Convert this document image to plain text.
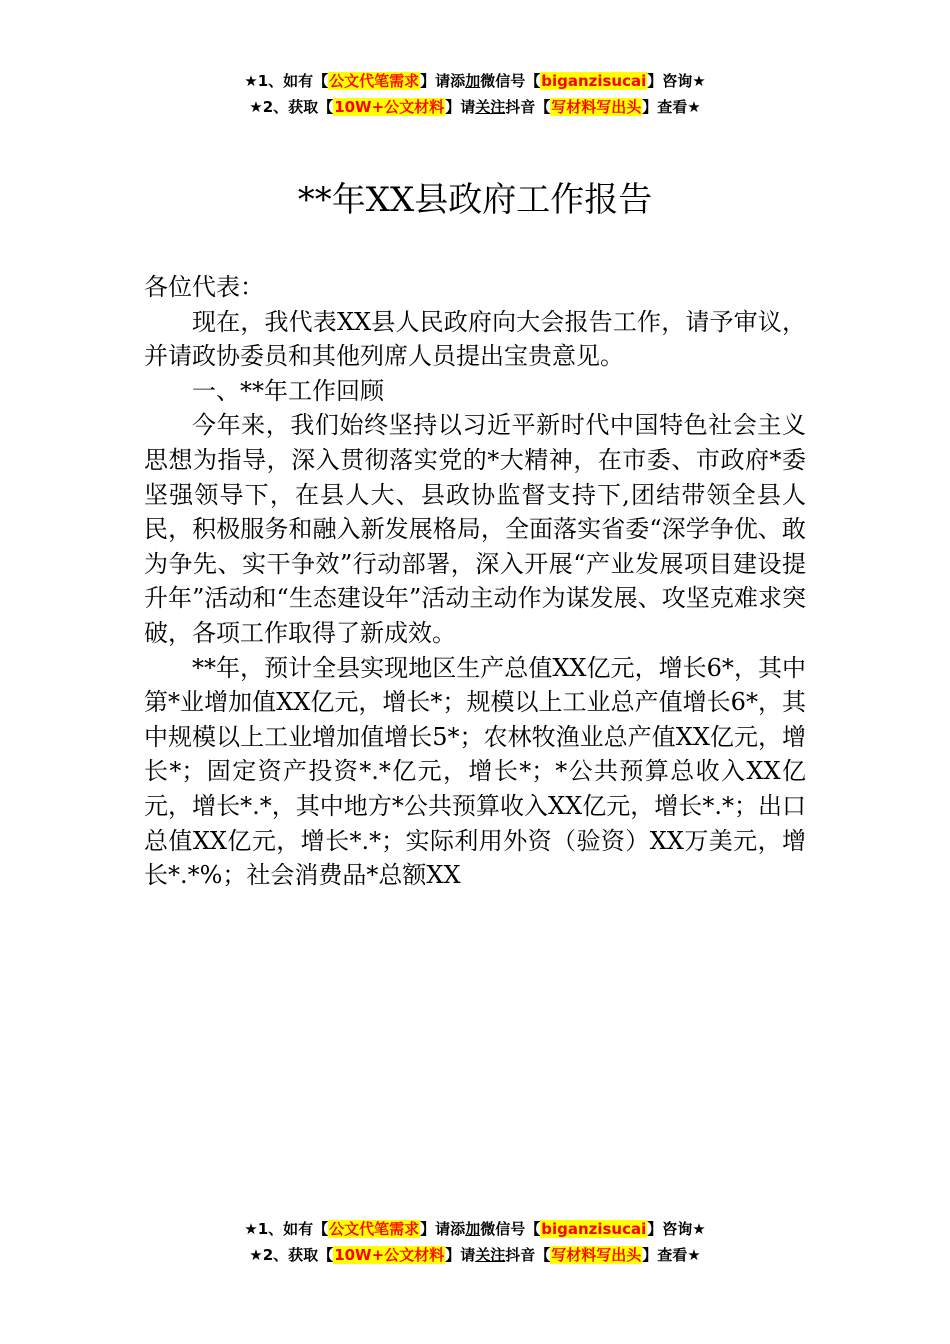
★1、如有【公文代笔需求】请添加微信号【biganzisucai】咨询★
★2、获取【10W+公文材料】请关注抖音【写材料写出头】查看★
**年XX县政府工作报告

各位代表：

现在，我代表XX县人民政府向大会报告工作，请予审议，并请政协委员和其他列席人员提出宝贵意见。

一、**年工作回顾

今年来，我们始终坚持以习近平新时代中国特色社会主义思想为指导，深入贯彻落实党的*大精神，在市委、市政府*委坚强领导下，在县人大、县政协监督支持下,团结带领全县人民，积极服务和融入新发展格局，全面落实省委“深学争优、敢为争先、实干争效”行动部署，深入开展“产业发展项目建设提升年”活动和“生态建设年”活动主动作为谋发展、攻坚克难求突破，各项工作取得了新成效。

**年，预计全县实现地区生产总值XX亿元，增长6*，其中第*业增加值XX亿元，增长*；规模以上工业总产值增长6*，其中规模以上工业增加值增长5*；农林牧渔业总产值XX亿元，增长*；固定资产投资*.*亿元，增长*；*公共预算总收入XX亿元，增长*.*，其中地方*公共预算收入XX亿元，增长*.*；出口总值XX亿元，增长*.*；实际利用外资（验资）XX万美元，增长*.*%；社会消费品*总额XX

★1、如有【公文代笔需求】请添加微信号【biganzisucai】咨询★
★2、获取【10W+公文材料】请关注抖音【写材料写出头】查看★
